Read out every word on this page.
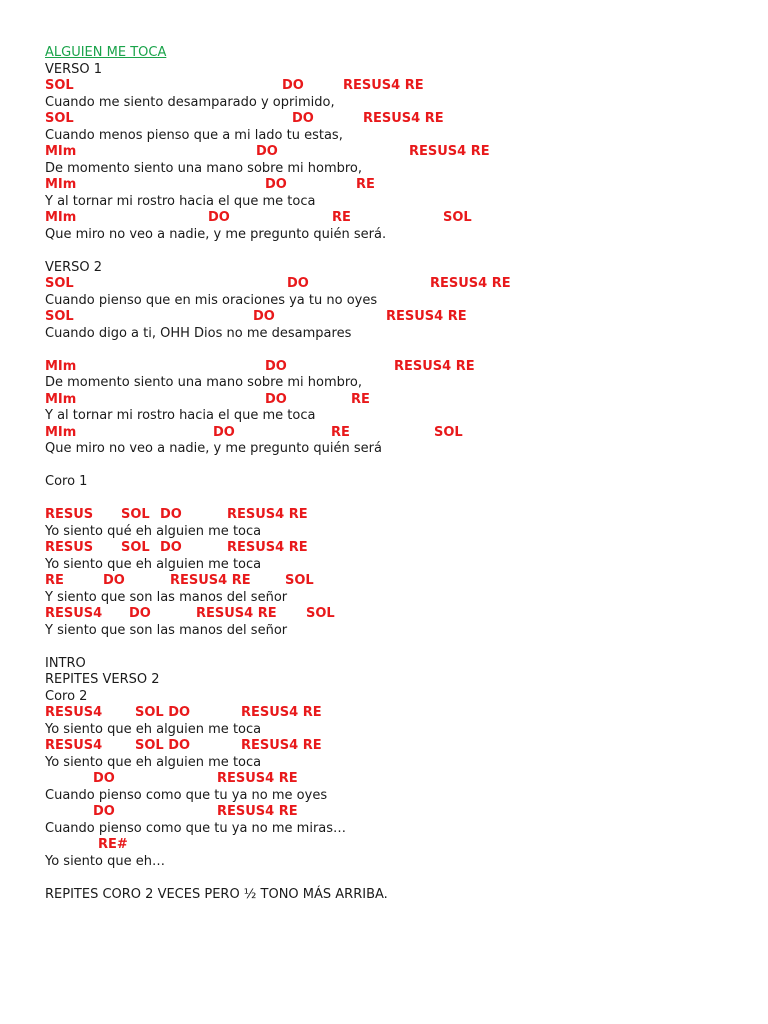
ALGUIEN ME TOCA
VERSO 1

SOL

	DO

	RESUS4 RE

Cuando me siento desamparado y oprimido,

SOL

	DO

	RESUS4 RE

Cuando menos pienso que a mi lado tu estas,

MIm

	DO

	RESUS4 RE

De momento siento una mano sobre mi hombro,

MIm

	DO

	RE

Y al tornar mi rostro hacia el que me toca

MIm

	DO

	RE

	SOL

Que miro no veo a nadie, y me pregunto quién será.
VERSO 2

SOL

	DO

	RESUS4 RE

Cuando pienso que en mis oraciones ya tu no oyes

SOL

	DO

	RESUS4 RE

Cuando digo a ti, OHH Dios no me desampares

MIm

	DO

	RESUS4 RE

De momento siento una mano sobre mi hombro,

MIm

	DO

	RE

Y al tornar mi rostro hacia el que me toca

MIm

	DO

	RE

	SOL

Que miro no veo a nadie, y me pregunto quién será
Coro 1

RESUS

SOL

DO

	RESUS4 RE

Yo siento qué eh alguien me toca

RESUS

SOL

DO

	RESUS4 RE

Yo siento que eh alguien me toca

RE

	DO

	RESUS4 RE

	SOL

Y siento que son las manos del señor

RESUS4

DO

	RESUS4 RE

SOL

Y siento que son las manos del señor
INTRO
REPITES VERSO 2
Coro 2

RESUS4

	SOL DO

	RESUS4 RE

Yo siento que eh alguien me toca

RESUS4

	SOL DO

	RESUS4 RE

Yo siento que eh alguien me toca

DO

	RESUS4 RE

Cuando pienso como que tu ya no me oyes

DO

	RESUS4 RE

Cuando pienso como que tu ya no me miras…

RE#

Yo siento que eh…
REPITES CORO 2 VECES PERO ½ TONO MÁS ARRIBA.
